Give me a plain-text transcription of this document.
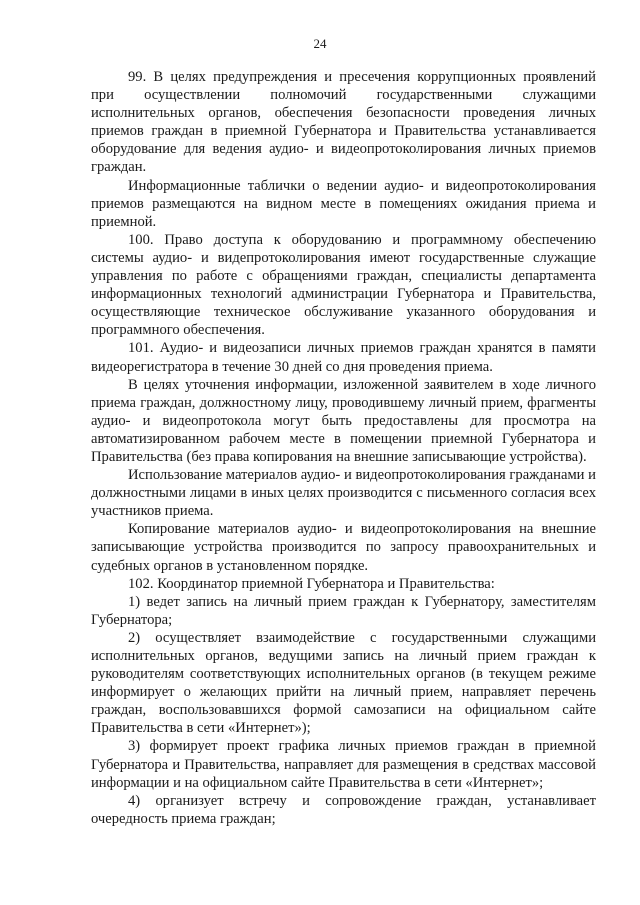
24

99. В целях предупреждения и пресечения коррупционных проявлений при осуществлении полномочий государственными служащими исполнительных органов, обеспечения безопасности проведения личных приемов граждан в приемной Губернатора и Правительства устанавливается оборудование для ведения аудио- и видеопротоколирования личных приемов граждан.

Информационные таблички о ведении аудио- и видеопротоколирования приемов размещаются на видном месте в помещениях ожидания приема и приемной.

100. Право доступа к оборудованию и программному обеспечению системы аудио- и видепротоколирования имеют государственные служащие управления по работе с обращениями граждан, специалисты департамента информационных технологий администрации Губернатора и Правительства, осуществляющие техническое обслуживание указанного оборудования и программного обеспечения.

101. Аудио- и видеозаписи личных приемов граждан хранятся в памяти видеорегистратора в течение 30 дней со дня проведения приема.

В целях уточнения информации, изложенной заявителем в ходе личного приема граждан, должностному лицу, проводившему личный прием, фрагменты аудио- и видеопротокола могут быть предоставлены для просмотра на автоматизированном рабочем месте в помещении приемной Губернатора и Правительства (без права копирования на внешние записывающие устройства).

Использование материалов аудио- и видеопротоколирования гражданами и должностными лицами в иных целях производится с письменного согласия всех участников приема.

Копирование материалов аудио- и видеопротоколирования на внешние записывающие устройства производится по запросу правоохранительных и судебных органов в установленном порядке.

102. Координатор приемной Губернатора и Правительства:

1) ведет запись на личный прием граждан к Губернатору, заместителям Губернатора;

2) осуществляет взаимодействие с государственными служащими исполнительных органов, ведущими запись на личный прием граждан к руководителям соответствующих исполнительных органов (в текущем режиме информирует о желающих прийти на личный прием, направляет перечень граждан, воспользовавшихся формой самозаписи на официальном сайте Правительства в сети «Интернет»);

3) формирует проект графика личных приемов граждан в приемной Губернатора и Правительства, направляет для размещения в средствах массовой информации и на официальном сайте Правительства в сети «Интернет»;

4) организует встречу и сопровождение граждан, устанавливает очередность приема граждан;
